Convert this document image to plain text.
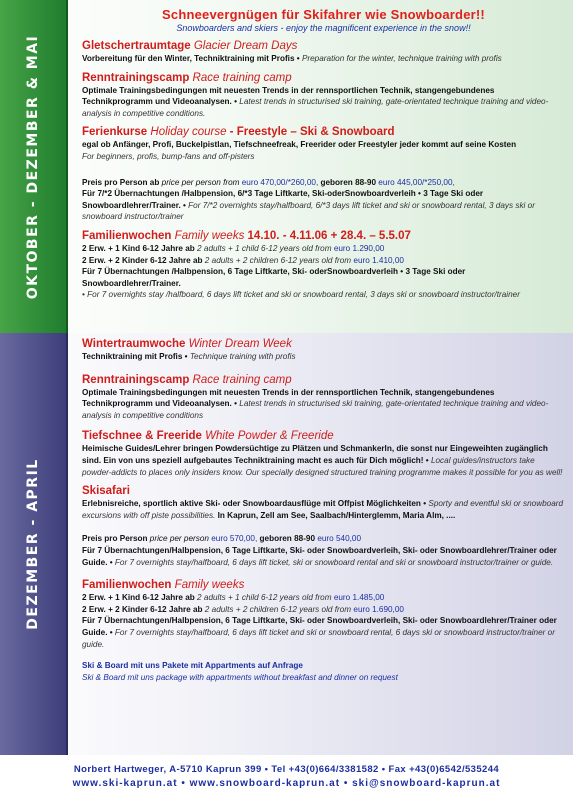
OKTOBER - DEZEMBER & MAI
Schneevergnügen für Skifahrer wie Snowboarder!!
Snowboarders and skiers - enjoy the magnificent experience in the snow!!
Gletschertraumtage Glacier Dream Days
Vorbereitung für den Winter, Techniktraining mit Profis • Preparation for the winter, technique training with profis
Renntrainingscamp Race training camp
Optimale Trainingsbedingungen mit neuesten Trends in der rennsportlichen Technik, stangengebundenes Technikprogramm und Videoanalysen. • Latest trends in structurised ski training, gate-orientated technique training and video-analysis in competitive conditions.
Ferienkurse Holiday course - Freestyle – Ski & Snowboard
egal ob Anfänger, Profi, Buckelpistlan, Tiefschneefreak, Freerider oder Freestyler jeder kommt auf seine Kosten
For beginners, profis, bump-fans and off-pisters
Preis pro Person ab price per person from euro 470,00/*260,00, geboren 88-90 euro 445,00/*250,00,
Für 7/*2 Übernachtungen /Halbpension, 6/*3 Tage Liftkarte, Ski-oderSnowboardverleih • 3 Tage Ski oder Snowboardlehrer/Trainer. • For 7/*2 overnights stay/halfboard, 6/*3 days lift ticket and ski or snowboard rental, 3 days ski or snowboard instructor/trainer
Familienwochen Family weeks 14.10. - 4.11.06 + 28.4. – 5.5.07
2 Erw. + 1 Kind 6-12 Jahre ab 2 adults + 1 child 6-12 years old from euro 1.290,00
2 Erw. + 2 Kinder 6-12 Jahre ab 2 adults + 2 children 6-12 years old from euro 1.410,00
Für 7 Übernachtungen /Halbpension, 6 Tage Liftkarte, Ski- oderSnowboardverleih • 3 Tage Ski oder Snowboardlehrer/Trainer.
• For 7 overnights stay /halfboard, 6 days lift ticket and ski or snowboard rental, 3 days ski or snowboard instructor/trainer
DEZEMBER - APRIL
Wintertraumwoche Winter Dream Week
Techniktraining mit Profis • Technique training with profis
Renntrainingscamp Race training camp
Optimale Trainingsbedingungen mit neuesten Trends in der rennsportlichen Technik, stangengebundenes Technikprogramm und Videoanalysen. • Latest trends in structurised ski training, gate-orientated technique training and video-analysis in competitive conditions
Tiefschnee & Freeride White Powder & Freeride
Heimische Guides/Lehrer bringen Powdersüchtige zu Plätzen und Schmankerln, die sonst nur Eingeweihten zugänglich sind. Ein von uns speziell aufgebautes Techniktraining macht es auch für Dich möglich! • Local guides/instructors take powder-addicts to places only insiders know. Our specially designed structured training programme makes it possible for you as well!
Skisafari
Erlebnisreiche, sportlich aktive Ski- oder Snowboardausflüge mit Offpist Möglichkeiten • Sporty and eventful ski or snowboard excursions with off piste possibilities. In Kaprun, Zell am See, Saalbach/Hinterglemm, Maria Alm, ....
Preis pro Person price per person euro 570,00, geboren 88-90 euro 540,00
Für 7 Übernachtungen/Halbpension, 6 Tage Liftkarte, Ski- oder Snowboardverleih, Ski- oder Snowboardlehrer/Trainer oder Guide. • For 7 overnights stay/halfboard, 6 days lift ticket, ski or snowboard rental and ski or snowboard instructor/trainer or guide.
Familienwochen Family weeks
2 Erw. + 1 Kind 6-12 Jahre ab 2 adults + 1 child 6-12 years old from euro 1.485,00
2 Erw. + 2 Kinder 6-12 Jahre ab 2 adults + 2 children 6-12 years old from euro 1.690,00
Für 7 Übernachtungen/Halbpension, 6 Tage Liftkarte, Ski- oder Snowboardverleih, Ski- oder Snowboardlehrer/Trainer oder Guide. • For 7 overnights stay/halfboard, 6 days lift ticket and ski or snowboard rental, 6 days ski or snowboard instructor/trainer or guide.
Ski & Board mit uns Pakete mit Appartments auf Anfrage
Ski & Board mit uns package with appartments without breakfast and dinner on request
Norbert Hartweger, A-5710 Kaprun 399 • Tel +43(0)664/3381582 • Fax +43(0)6542/535244
www.ski-kaprun.at • www.snowboard-kaprun.at • ski@snowboard-kaprun.at
